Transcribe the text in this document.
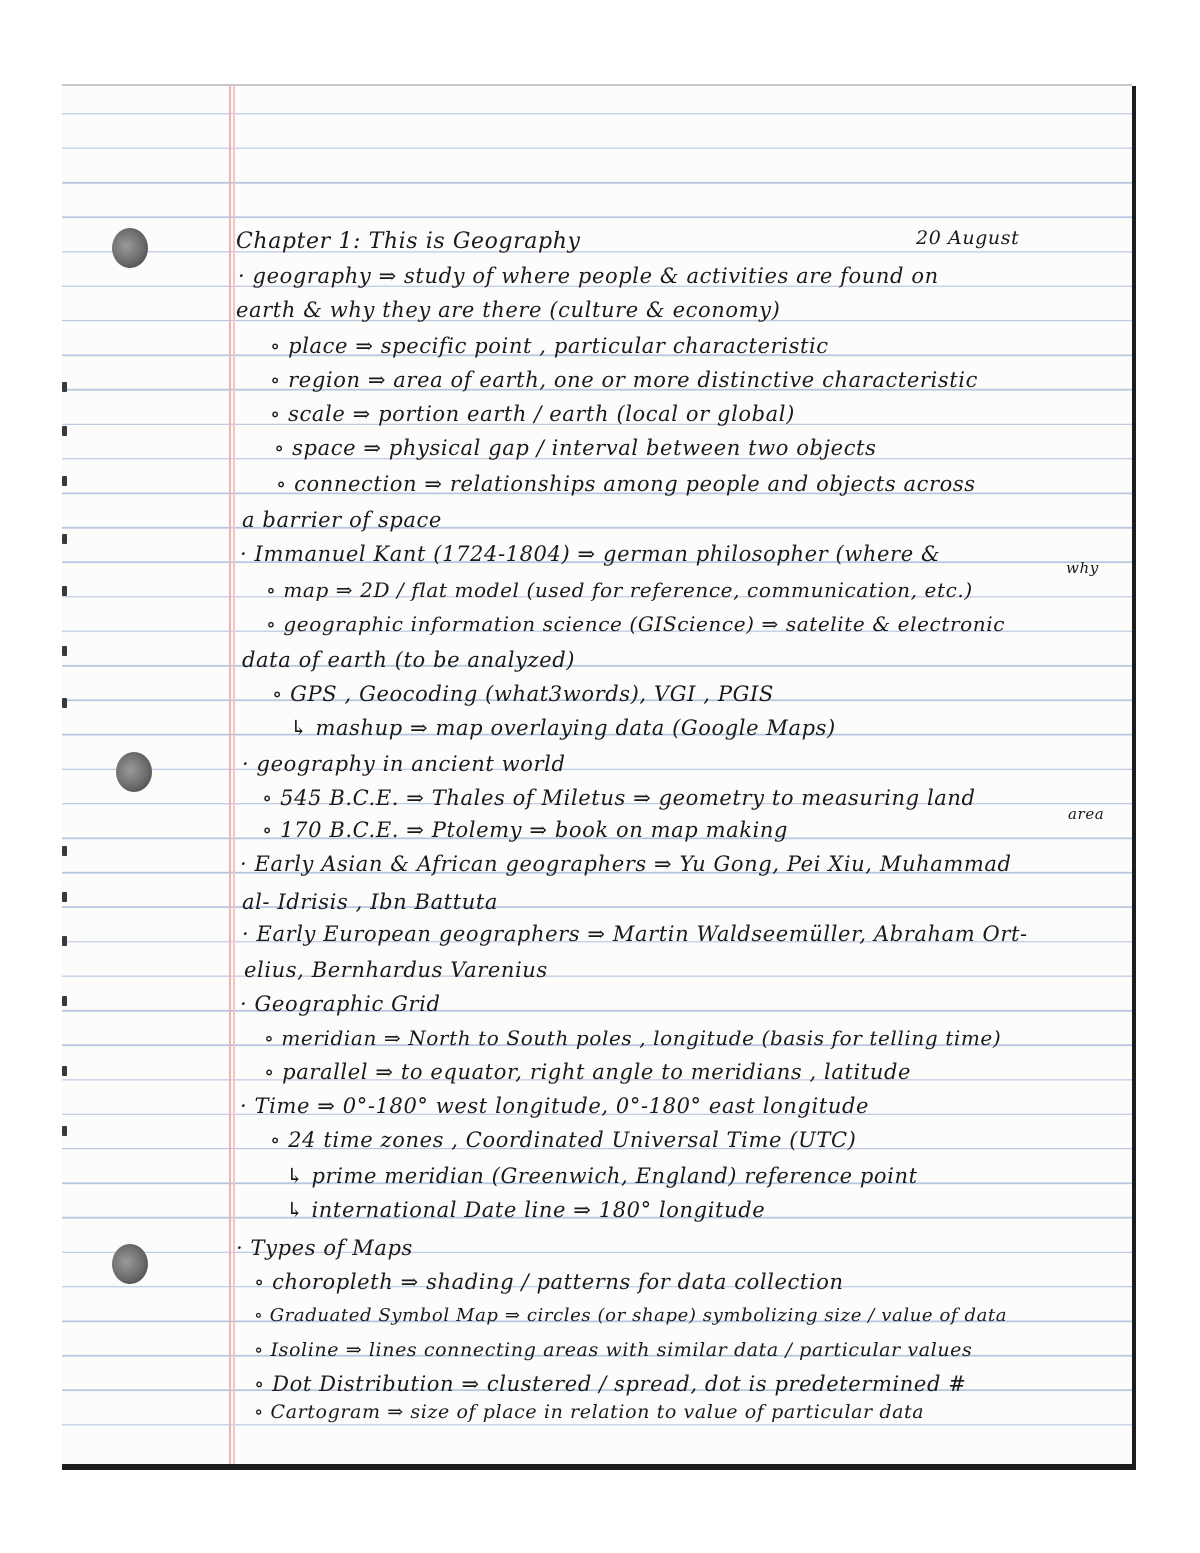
Chapter 1: This is Geography	20 August
· geography ⇒ study of where people & activities are found on
earth & why they are there (culture & economy)
∘ place ⇒ specific point , particular characteristic
∘ region ⇒ area of earth, one or more distinctive characteristic
∘ scale ⇒ portion earth / earth (local or global)
∘ space ⇒ physical gap / interval between two objects
∘ connection ⇒ relationships among people and objects across
a barrier of space
· Immanuel Kant (1724-1804) ⇒ german philosopher (where &
why
∘ map ⇒ 2D / flat model (used for reference, communication, etc.)
∘ geographic information science (GIScience) ⇒ satelite & electronic
data of earth (to be analyzed)
∘ GPS , Geocoding (what3words), VGI , PGIS
↳ mashup ⇒ map overlaying data (Google Maps)
· geography in ancient world
∘ 545 B.C.E. ⇒ Thales of Miletus ⇒ geometry to measuring land
area
∘ 170 B.C.E. ⇒ Ptolemy ⇒ book on map making
· Early Asian & African geographers ⇒ Yu Gong, Pei Xiu, Muhammad
al- Idrisis , Ibn Battuta
· Early European geographers ⇒ Martin Waldseemüller, Abraham Ort-
elius, Bernhardus Varenius
· Geographic Grid
∘ meridian ⇒ North to South poles , longitude (basis for telling time)
∘ parallel ⇒ to equator, right angle to meridians , latitude
· Time ⇒ 0°-180° west longitude, 0°-180° east longitude
∘ 24 time zones , Coordinated Universal Time (UTC)
↳ prime meridian (Greenwich, England) reference point
↳ international Date line ⇒ 180° longitude
· Types of Maps
∘ choropleth ⇒ shading / patterns for data collection
∘ Graduated Symbol Map ⇒ circles (or shape) symbolizing size / value of data
∘ Isoline ⇒ lines connecting areas with similar data / particular values
∘ Dot Distribution ⇒ clustered / spread, dot is predetermined #
∘ Cartogram ⇒ size of place in relation to value of particular data
